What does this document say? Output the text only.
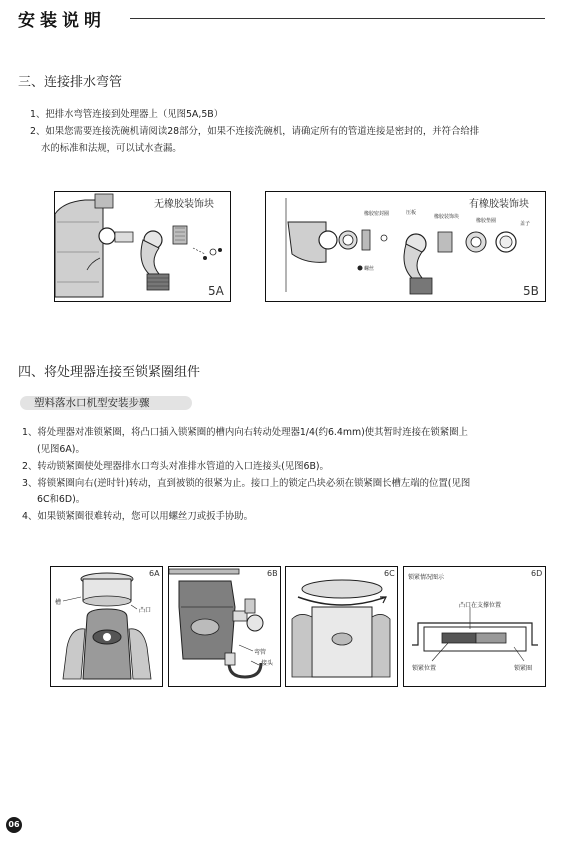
安装说明
三、连接排水弯管
1、把排水弯管连接到处理器上（见图5A,5B）
2、如果您需要连接洗碗机请阅读28部分，如果不连接洗碗机，请确定所有的管道连接是密封的，并符合给排
水的标准和法规，可以试水查漏。
无橡胶装饰块
5A
有橡胶装饰块
5B
橡胶密封圈	压板
橡胶装饰块
螺丝
橡胶垫圈	盖子
四、将处理器连接至锁紧圈组件
塑料落水口机型安装步骤
1、将处理器对准锁紧圈，将凸口插入锁紧圈的槽内向右转动处理器1/4(约6.4mm)使其暂时连接在锁紧圈上
(见图6A)。
2、转动锁紧圈使处理器排水口弯头对准排水管道的入口连接头(见图6B)。
3、将锁紧圈向右(逆时针)转动，直到被锁的很紧为止。接口上的锁定凸块必须在锁紧圈长槽左端的位置(见图
6C和6D)。
4、如果锁紧圈很难转动，您可以用螺丝刀或扳手协助。
6A
槽
凸口
6B
弯管
接头
6C 锁紧情况图示	6D
凸口在支撑位置
锁紧位置	锁紧圈
06
